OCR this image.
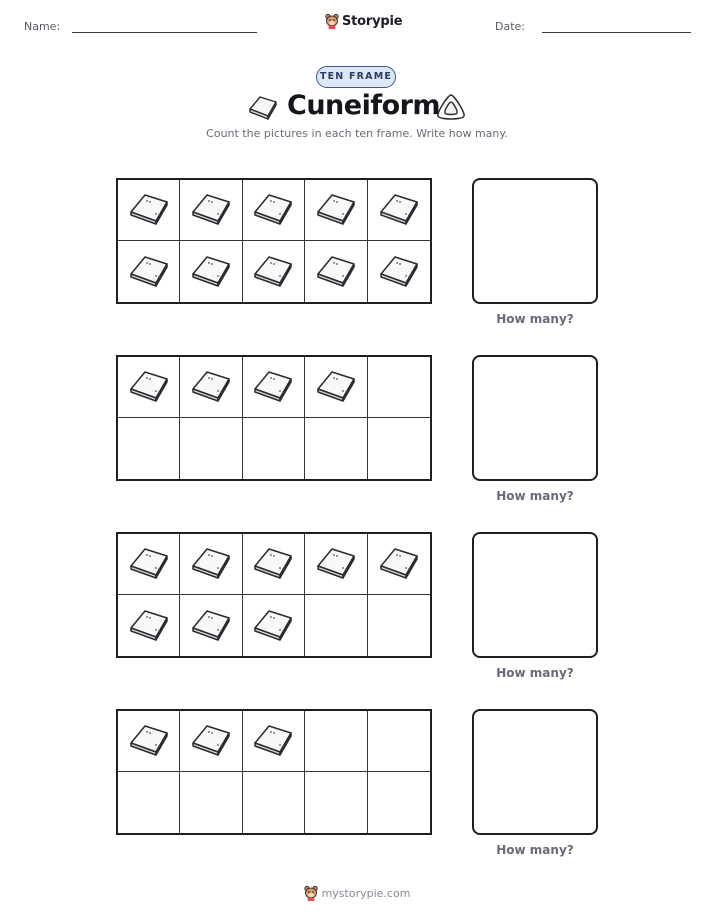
Name:	Storypie	Date:
TEN FRAME
Cuneiform
Count the pictures in each ten frame. Write how many.
How many?
How many?
How many?
How many?
mystorypie.com
